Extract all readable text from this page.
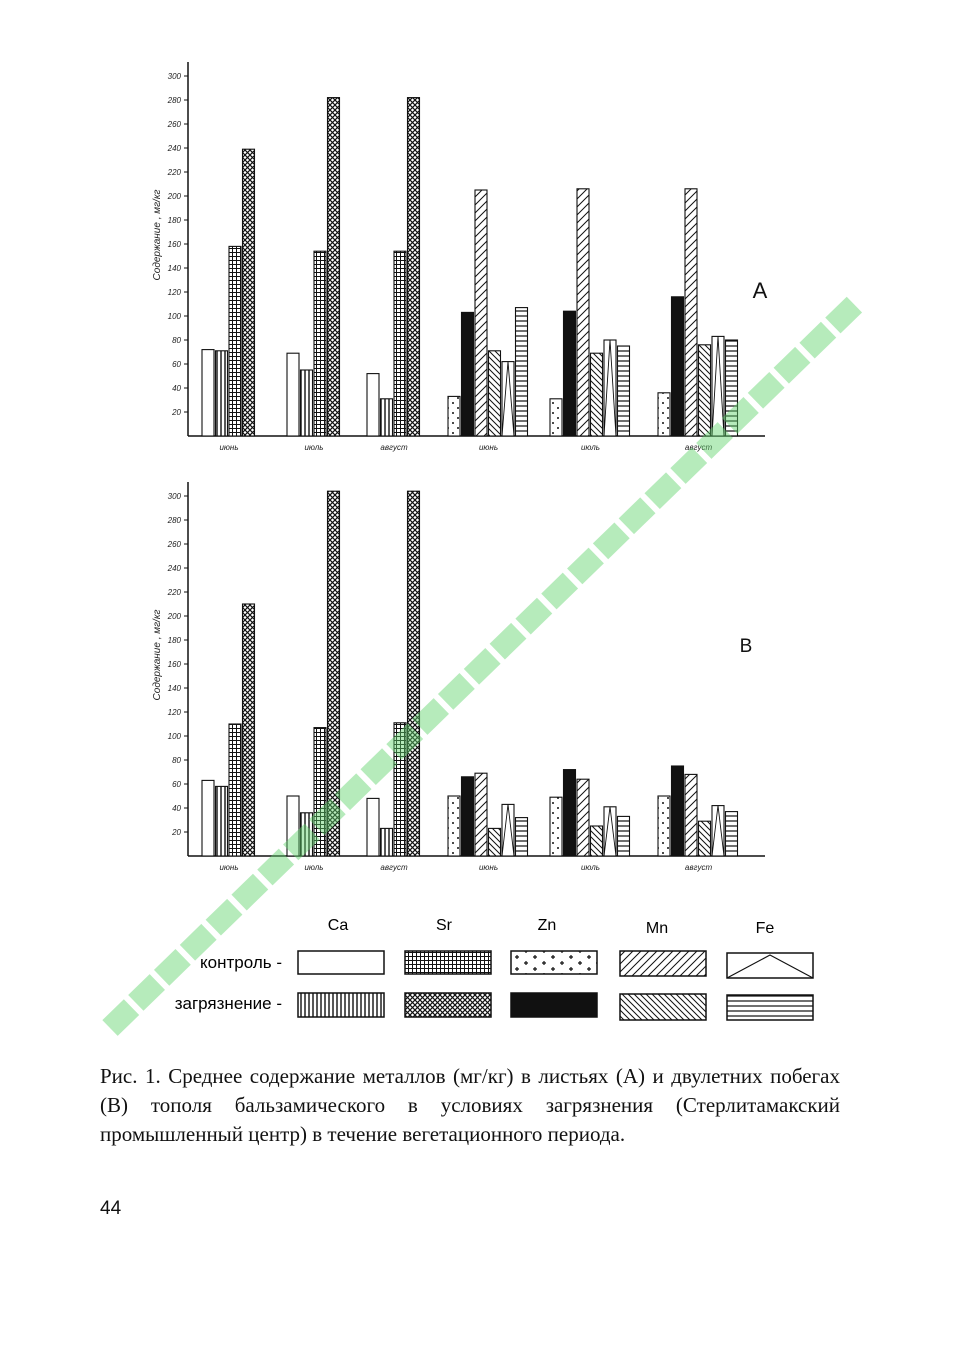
20
40
60
80
100
120
140
160
180
200
220
240
260
280
300
июнь	июль	август	июнь	июль	август
Содержание , мг/кг
A
20
40
60
80
100
120
140
160
180
200
220
240
260
280
300
июнь	июль	август	июнь	июль	август
Содержание , мг/кг	B
Ca	Sr	Zn	Mn	Fe
контроль -
загрязнение -
Рис. 1. Среднее содержание металлов (мг/кг) в листьях (А) и двулетних побегах (В) тополя бальзамического в условиях загрязнения (Стерлитамакский промышленный центр) в течение вегетационного периода.
44
